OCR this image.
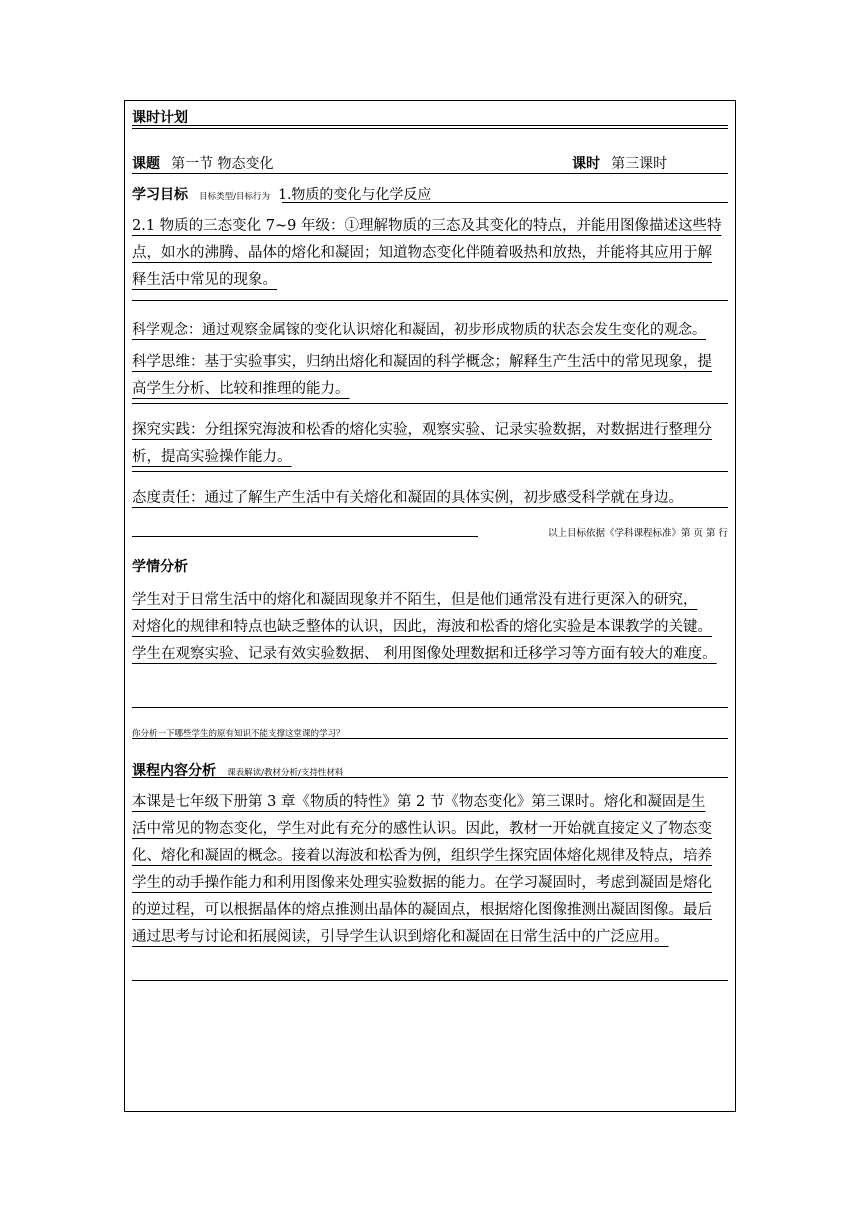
课时计划
课题 第一节 物态变化	课时 第三课时
学习目标 目标类型/目标行为 1.物质的变化与化学反应
2.1 物质的三态变化 7~9 年级：①理解物质的三态及其变化的特点，并能用图像描述这些特
点，如水的沸腾、晶体的熔化和凝固；知道物态变化伴随着吸热和放热，并能将其应用于解
释生活中常见的现象。
科学观念：通过观察金属镓的变化认识熔化和凝固，初步形成物质的状态会发生变化的观念。
科学思维：基于实验事实，归纳出熔化和凝固的科学概念；解释生产生活中的常见现象，提
高学生分析、比较和推理的能力。
探究实践：分组探究海波和松香的熔化实验，观察实验、记录实验数据，对数据进行整理分
析，提高实验操作能力。
态度责任：通过了解生产生活中有关熔化和凝固的具体实例，初步感受科学就在身边。
以上目标依据《学科课程标准》第 页 第 行
学情分析
学生对于日常生活中的熔化和凝固现象并不陌生，但是他们通常没有进行更深入的研究，
对熔化的规律和特点也缺乏整体的认识，因此，海波和松香的熔化实验是本课教学的关键。
学生在观察实验、记录有效实验数据、 利用图像处理数据和迁移学习等方面有较大的难度。
你分析一下哪些学生的原有知识不能支撑这堂课的学习？
课程内容分析 课表解读/教材分析/支持性材料
本课是七年级下册第 3 章《物质的特性》第 2 节《物态变化》第三课时。熔化和凝固是生
活中常见的物态变化，学生对此有充分的感性认识。因此，教材一开始就直接定义了物态变
化、熔化和凝固的概念。接着以海波和松香为例，组织学生探究固体熔化规律及特点，培养
学生的动手操作能力和利用图像来处理实验数据的能力。在学习凝固时，考虑到凝固是熔化
的逆过程，可以根据晶体的熔点推测出晶体的凝固点，根据熔化图像推测出凝固图像。最后
通过思考与讨论和拓展阅读，引导学生认识到熔化和凝固在日常生活中的广泛应用。
